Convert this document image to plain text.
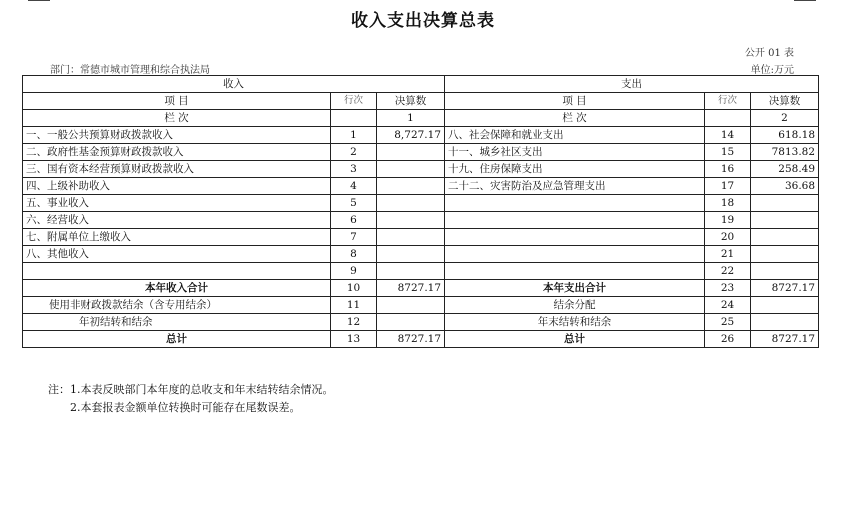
收入支出决算总表
公开 01 表
部门：常德市城市管理和综合执法局	单位:万元
收入			支出		
项 目	行次	决算数	项 目	行次	决算数
栏 次		1	栏 次		2
一、一般公共预算财政拨款收入	1	8,727.17	八、社会保障和就业支出	14	618.18
二、政府性基金预算财政拨款收入	2		十一、城乡社区支出	15	7813.82
三、国有资本经营预算财政拨款收入	3		十九、住房保障支出	16	258.49
四、上级补助收入	4		二十二、灾害防治及应急管理支出	17	36.68
五、事业收入	5			18	
六、经营收入	6			19	
七、附属单位上缴收入	7			20	
八、其他收入	8			21	
	9			22	
本年收入合计	10	8727.17	本年支出合计	23	8727.17
使用非财政拨款结余（含专用结余）	11		结余分配	24	
年初结转和结余	12		年末结转和结余	25	
总计	13	8727.17	总计	26	8727.17
注：1.本表反映部门本年度的总收支和年末结转结余情况。
2.本套报表金额单位转换时可能存在尾数误差。
